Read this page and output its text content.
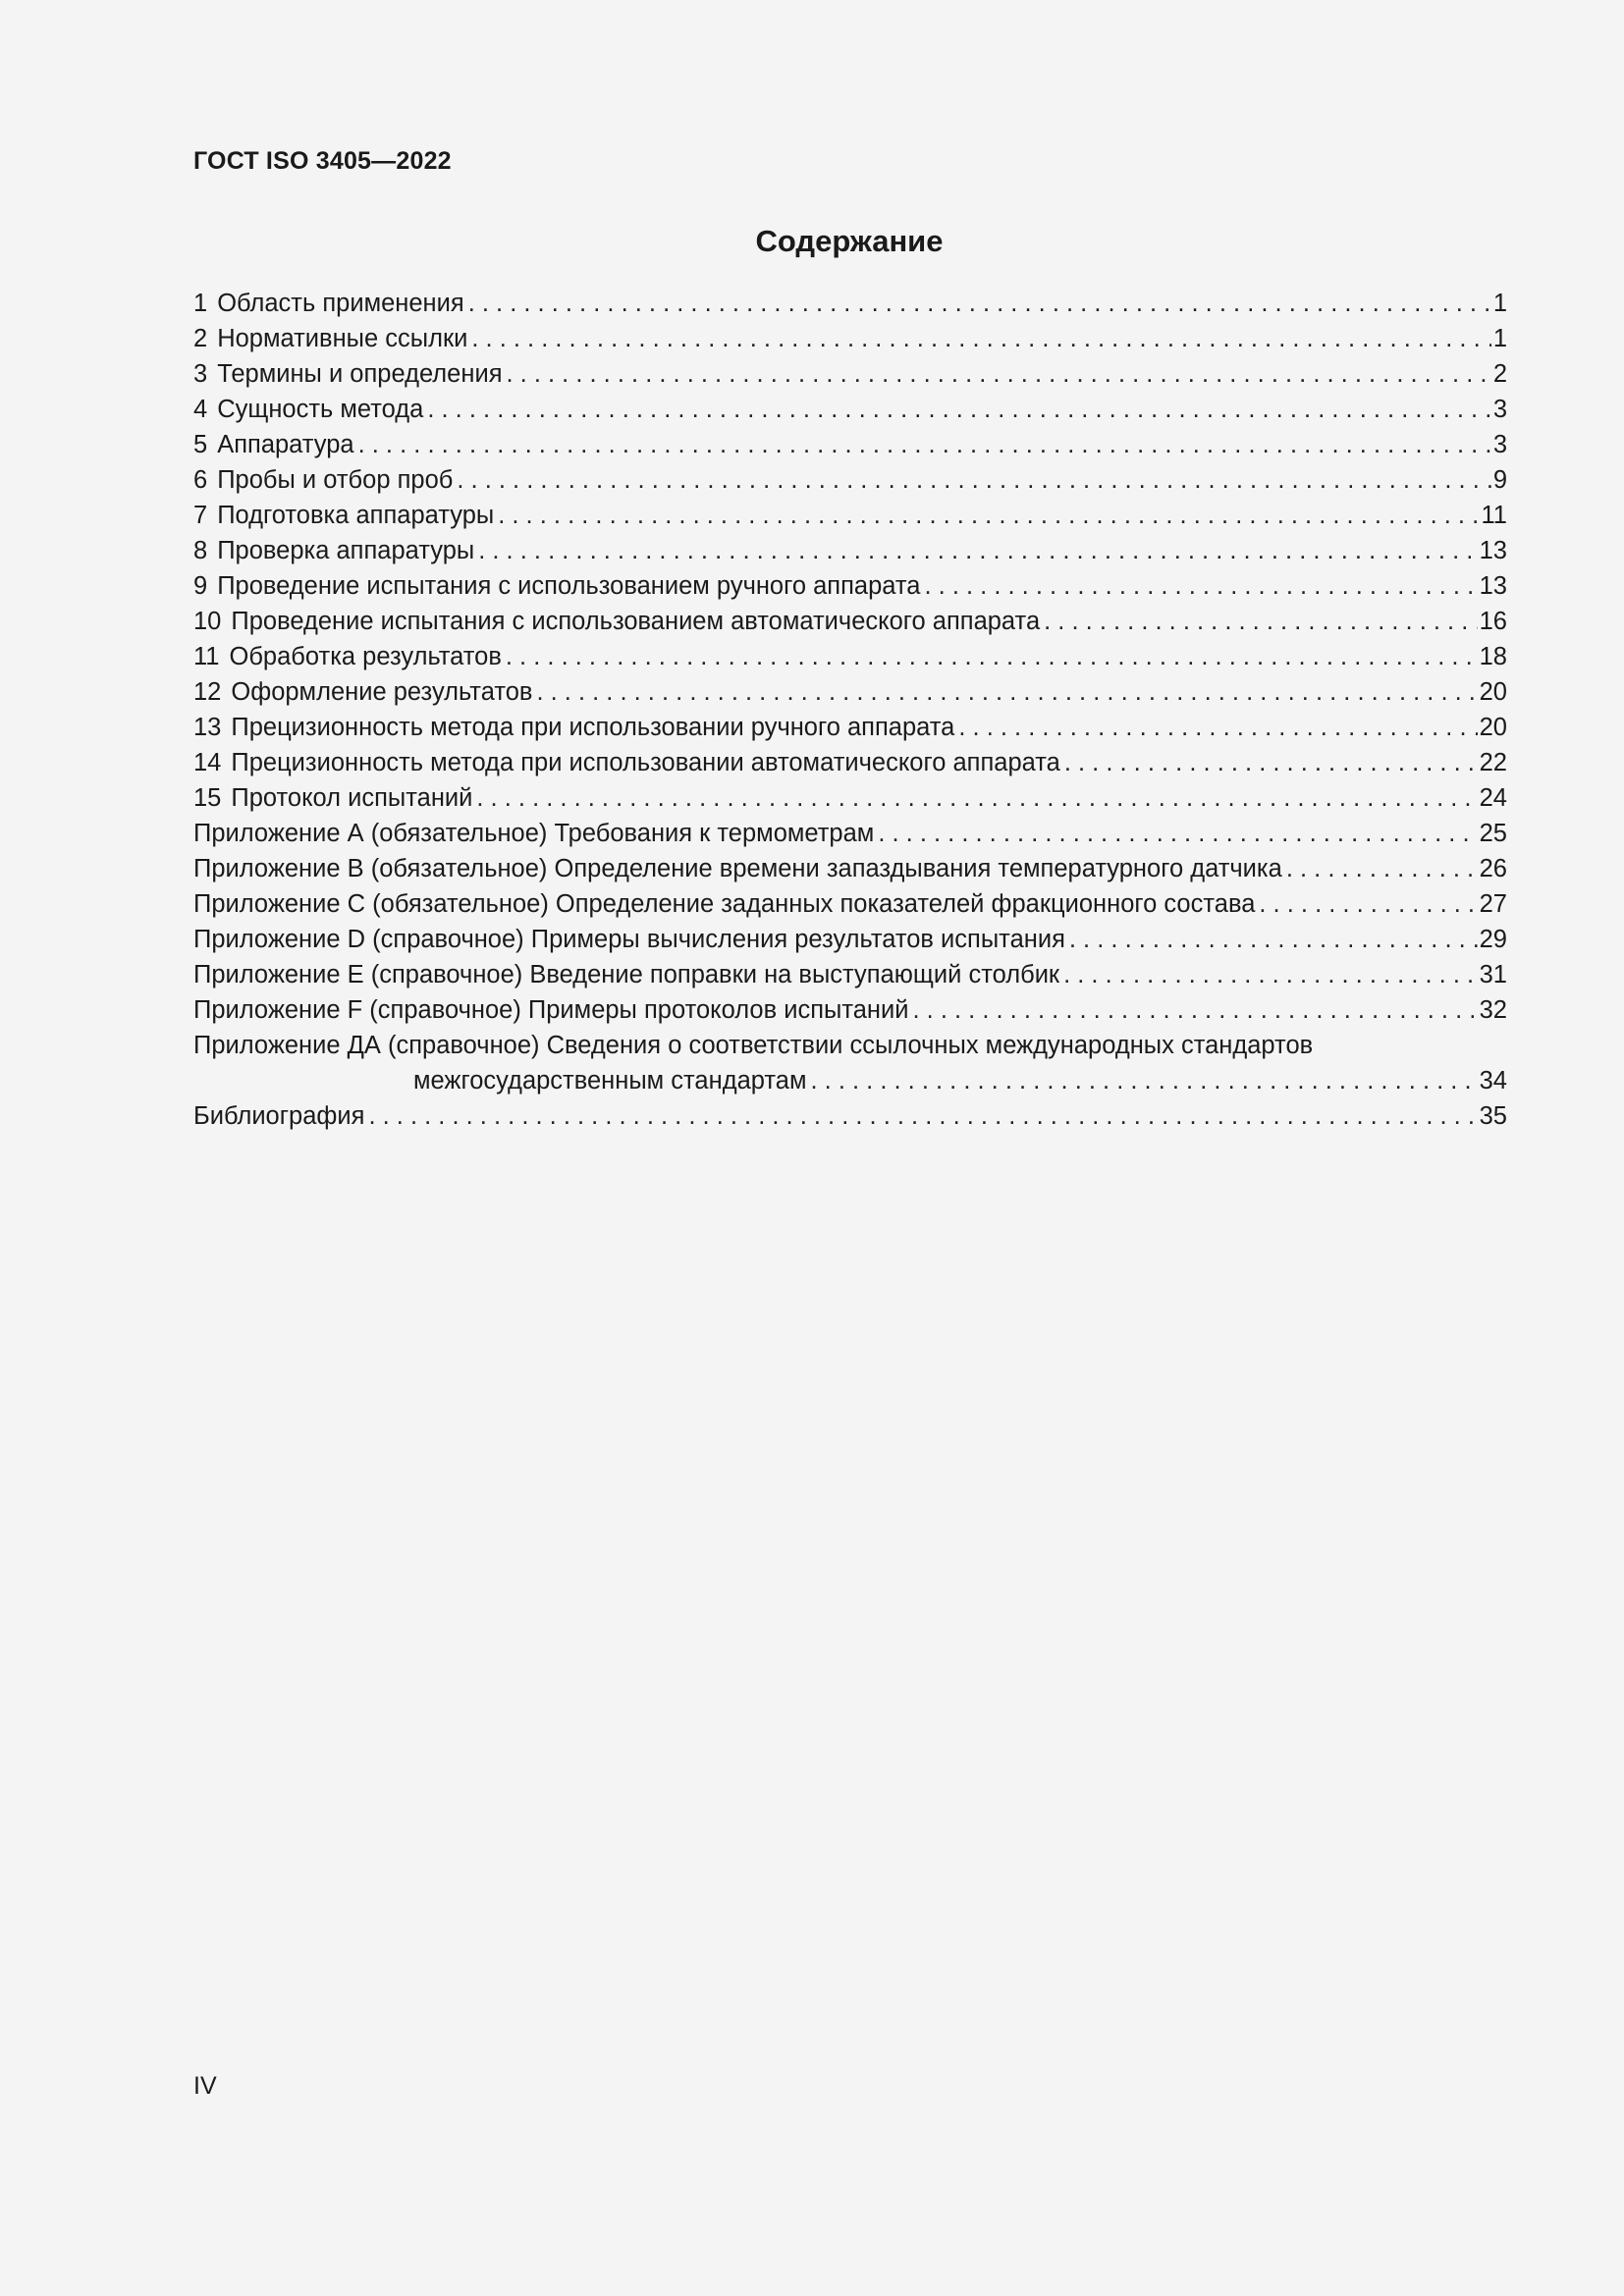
ГОСТ ISO 3405—2022
Содержание
1 Область применения . . .	1
2 Нормативные ссылки . . .	1
3 Термины и определения . . .	2
4 Сущность метода . . .	3
5 Аппаратура . . .	3
6 Пробы и отбор проб . . .	9
7 Подготовка аппаратуры . . .	11
8 Проверка аппаратуры . . .	13
9 Проведение испытания с использованием ручного аппарата . . .	13
10 Проведение испытания с использованием автоматического аппарата . . .	16
11 Обработка результатов . . .	18
12 Оформление результатов . . .	20
13 Прецизионность метода при использовании ручного аппарата . . .	20
14 Прецизионность метода при использовании автоматического аппарата . . .	22
15 Протокол испытаний . . .	24
Приложение А (обязательное) Требования к термометрам . . .	25
Приложение В (обязательное) Определение времени запаздывания температурного датчика . . .	26
Приложение С (обязательное) Определение заданных показателей фракционного состава . . .	27
Приложение D (справочное) Примеры вычисления результатов испытания . . .	29
Приложение Е (справочное) Введение поправки на выступающий столбик . . .	31
Приложение F (справочное) Примеры протоколов испытаний . . .	32
Приложение ДА (справочное) Сведения о соответствии ссылочных международных стандартов
межгосударственным стандартам . . .	34
Библиография . . .	35
IV
